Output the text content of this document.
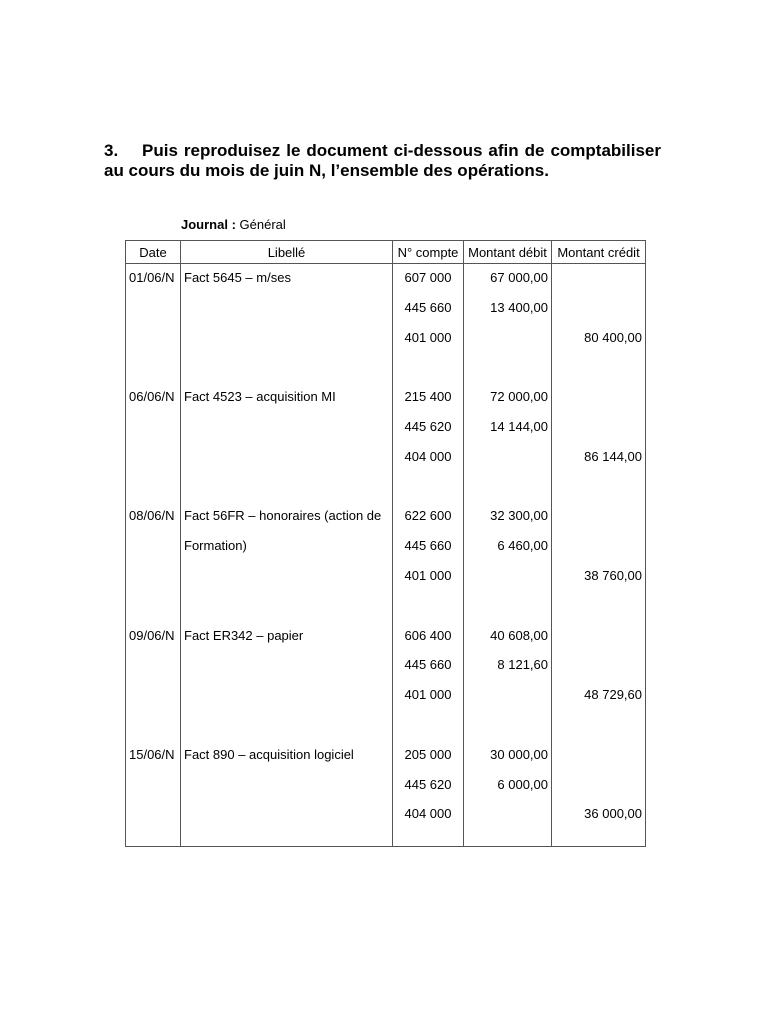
3. Puis reproduisez le document ci-dessous afin de comptabiliser au cours du mois de juin N, l’ensemble des opérations.
Journal : Général
Date	Libellé	N° compte	Montant débit	Montant crédit
01/06/N	Fact 5645 – m/ses	607 000	67 000,00	
		445 660	13 400,00	
		401 000		80 400,00

06/06/N	Fact 4523 – acquisition MI	215 400	72 000,00	
		445 620	14 144,00	
		404 000		86 144,00

08/06/N	Fact 56FR – honoraires (action de	622 600	32 300,00	
	Formation)	445 660	6 460,00	
		401 000		38 760,00

09/06/N	Fact ER342 – papier	606 400	40 608,00	
		445 660	8 121,60	
		401 000		48 729,60

15/06/N	Fact 890 – acquisition logiciel	205 000	30 000,00	
		445 620	6 000,00	
		404 000		36 000,00
